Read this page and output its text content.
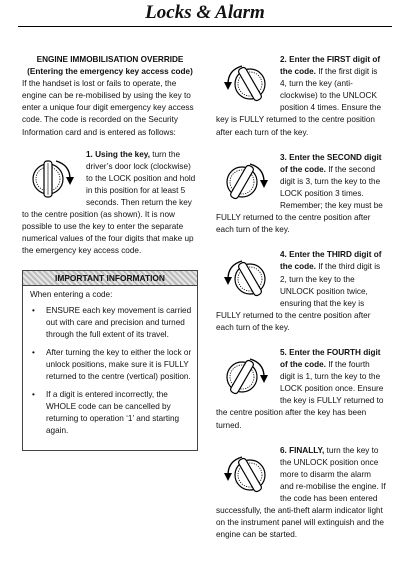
Locks & Alarm

ENGINE IMMOBILISATION OVERRIDE

(Entering the emergency key access code)

If the handset is lost or fails to operate, the engine can be re-mobilised by using the key to enter a unique four digit emergency key access code. The code is recorded on the Security Information card and is entered as follows:

1. Using the key, turn the driver’s door lock (clockwise) to the LOCK position and hold in this position for at least 5 seconds. Then return the key to the centre position (as shown). It is now possible to use the key to enter the separate numerical values of the four digits that make up the emergency key access code.

IMPORTANT INFORMATION

When entering a code:

• ENSURE each key movement is carried out with care and precision and turned through the full extent of its travel.
• After turning the key to either the lock or unlock positions, make sure it is FULLY returned to the centre (vertical) position.
• If a digit is entered incorrectly, the WHOLE code can be cancelled by returning to operation ‘1’ and starting again.

2. Enter the FIRST digit of the code. If the first digit is 4, turn the key (anti-clockwise) to the UNLOCK position 4 times. Ensure the key is FULLY returned to the centre position after each turn of the key.

3. Enter the SECOND digit of the code. If the second digit is 3, turn the key to the LOCK position 3 times. Remember; the key must be FULLY returned to the centre position after each turn of the key.

4. Enter the THIRD digit of the code. If the third digit is 2, turn the key to the UNLOCK position twice, ensuring that the key is FULLY returned to the centre position after each turn of the key.

5. Enter the FOURTH digit of the code. If the fourth digit is 1, turn the key to the LOCK position once. Ensure the key is FULLY returned to the centre position after the key has been turned.

6. FINALLY, turn the key to the UNLOCK position once more to disarm the alarm and re-mobilise the engine. If the code has been entered successfully, the anti-theft alarm indicator light on the instrument panel will extinguish and the engine can be started.
